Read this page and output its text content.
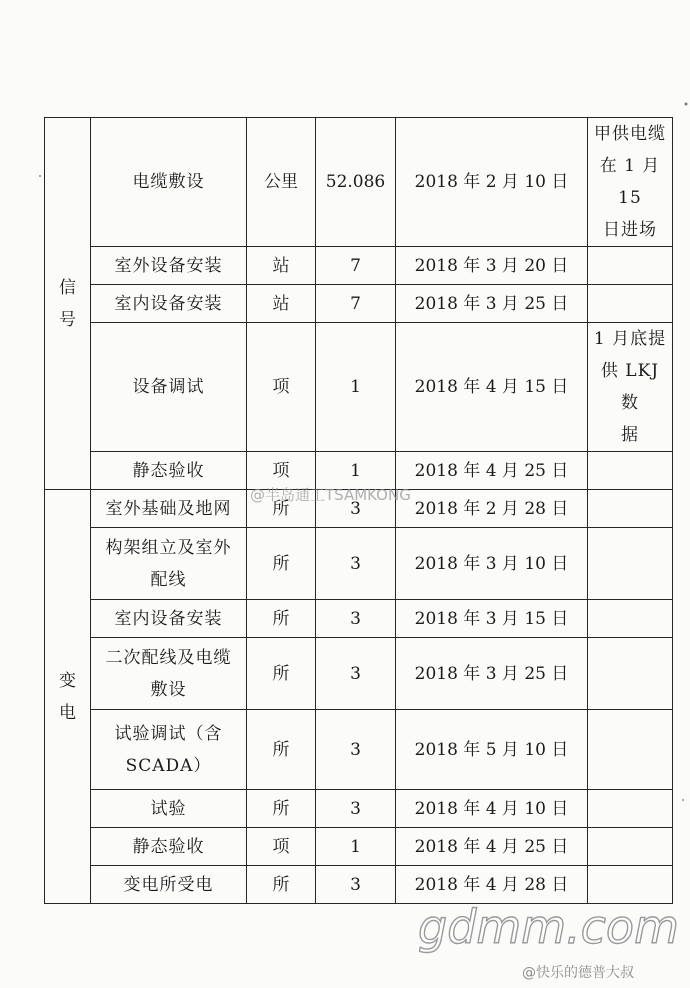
信
号	电缆敷设	公里	52.086	2018 年 2 月 10 日	甲供电缆
在 1 月 15
日进场

	室外设备安装	站	7	2018 年 3 月 20 日	

	室内设备安装	站	7	2018 年 3 月 25 日	

	设备调试	项	1	2018 年 4 月 15 日	1 月底提
供 LKJ 数
据

	静态验收	项	1	2018 年 4 月 25 日	

变
电	室外基础及地网	所	3	2018 年 2 月 28 日	

	构架组立及室外
配线	所	3	2018 年 3 月 10 日	

	室内设备安装	所	3	2018 年 3 月 15 日	

	二次配线及电缆
敷设	所	3	2018 年 3 月 25 日	

	试验调试（含
SCADA）	所	3	2018 年 5 月 10 日	

	试验	所	3	2018 年 4 月 10 日	

	静态验收	项	1	2018 年 4 月 25 日	

	变电所受电	所	3	2018 年 4 月 28 日	
@半岛通工TSAMKONG
gdmm.com
@快乐的德普大叔
